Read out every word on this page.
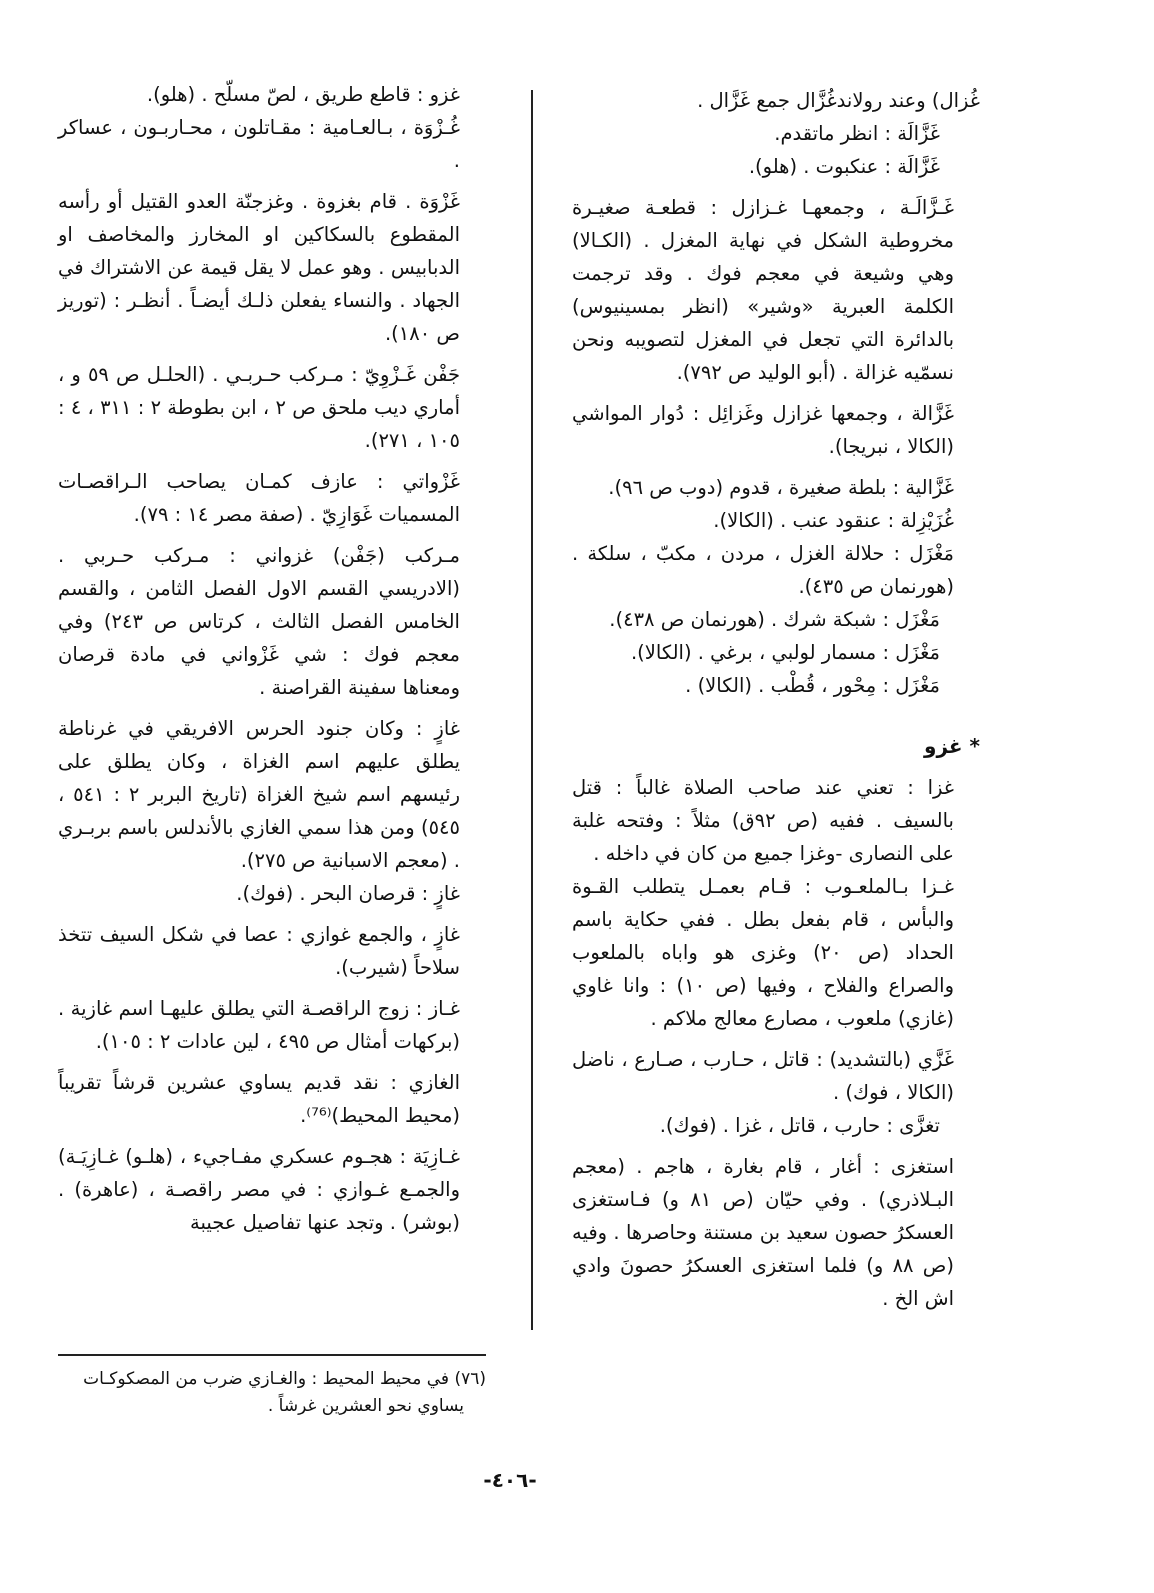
غُزال) وعند رولاندغُزَّال جمع غَزَّال .

غَزَّالَة : انظر ماتقدم.

غَزَّالَة : عنكبوت . (هلو).

غَـزَّالَـة ، وجمعهـا غـزازل : قطعـة صغيـرة مخروطية الشكل في نهاية المغزل . (الكـالا) وهي وشيعة في معجم فوك . وقد ترجمت الكلمة العبرية «وشير» (انظر بمسينيوس) بالدائرة التي تجعل في المغزل لتصويبه ونحن نسمّيه غزالة . (أبو الوليد ص ٧٩٢).

غَزَّالة ، وجمعها غزازل وغَزائِل : دُوار المواشي (الكالا ، نبريجا).

غَزَّالية : بلطة صغيرة ، قدوم (دوب ص ٩٦).

غُزَيْزِلة : عنقود عنب . (الكالا).

مَغْزَل : حلالة الغزل ، مردن ، مكبّ ، سلكة . (هورنمان ص ٤٣٥).

مَغْزَل : شبكة شرك . (هورنمان ص ٤٣٨).

مَغْزَل : مسمار لولبي ، برغي . (الكالا).

مَغْزَل : مِحْور ، قُطْب . (الكالا) .

* غزو

غزا : تعني عند صاحب الصلاة غالباً : قتل بالسيف . ففيه (ص ٩٢ق) مثلاً : وفتحه غلبة على النصارى -وغزا جميع من كان في داخله .

غـزا بـالملعـوب : قـام بعمـل يتطلب القـوة والبأس ، قام بفعل بطل . ففي حكاية باسم الحداد (ص ٢٠) وغزى هو واباه بالملعوب والصراع والفلاح ، وفيها (ص ١٠) : وانا غاوي (غازي) ملعوب ، مصارع معالج ملاكم .

غَزَّي (بالتشديد) : قاتل ، حـارب ، صـارع ، ناضل (الكالا ، فوك) .

تغزَّى : حارب ، قاتل ، غزا . (فوك).

استغزى : أغار ، قام بغارة ، هاجم . (معجم البـلاذري) . وفي حيّان (ص ٨١ و) فـاستغزى العسكرُ حصون سعيد بن مستنة وحاصرها . وفيه (ص ٨٨ و) فلما استغزى العسكرُ حصونَ وادي اش الخ .

غزو : قاطع طريق ، لصّ مسلّح . (هلو).

غُـزْوَة ، بـالعـامية : مقـاتلون ، محـاربـون ، عساكر .

غَزْوَة . قام بغزوة . وغزجنّة العدو القتيل أو رأسه المقطوع بالسكاكين او المخارز والمخاصف او الدبابيس . وهو عمل لا يقل قيمة عن الاشتراك في الجهاد . والنساء يفعلن ذلـك أيضـاً . أنظـر : (توريز ص ١٨٠).

جَفْن غَـزْوِيّ : مـركب حـربـي . (الحلـل ص ٥٩ و ، أماري ديب ملحق ص ٢ ، ابن بطوطة ٢ : ٣١١ ، ٤ : ١٠٥ ، ٢٧١).

غَزْواتي : عازف كمـان يصاحب الـراقصـات المسميات غَوَازِيّ . (صفة مصر ١٤ : ٧٩).

مـركب (جَفْن) غزواني : مـركب حـربي . (الادريسي القسم الاول الفصل الثامن ، والقسم الخامس الفصل الثالث ، كرتاس ص ٢٤٣) وفي معجم فوك : شي غَزْواني في مادة قرصان ومعناها سفينة القراصنة .

غازٍ : وكان جنود الحرس الافريقي في غرناطة يطلق عليهم اسم الغزاة ، وكان يطلق على رئيسهم اسم شيخ الغزاة (تاريخ البربر ٢ : ٥٤١ ، ٥٤٥) ومن هذا سمي الغازي بالأندلس باسم بربـري . (معجم الاسبانية ص ٢٧٥).

غازٍ : قرصان البحر . (فوك).

غازٍ ، والجمع غوازي : عصا في شكل السيف تتخذ سلاحاً (شيرب).

غـاز : زوج الراقصـة التي يطلق عليهـا اسم غازية . (بركهات أمثال ص ٤٩٥ ، لين عادات ٢ : ١٠٥).

الغازي : نقد قديم يساوي عشرين قرشاً تقريباً (محيط المحيط)⁽⁷⁶⁾.

غـازِيَة : هجـوم عسكري مفـاجيء ، (هلـو) غـازِيَـة) والجمـع غـوازي : في مصر راقصـة ، (عاهرة) . (بوشر) . وتجد عنها تفاصيل عجيبة

(٧٦) في محيط المحيط : والغـازي ضرب من المصكوكـات

يساوي نحو العشرين غرشاً .

-٤٠٦-
